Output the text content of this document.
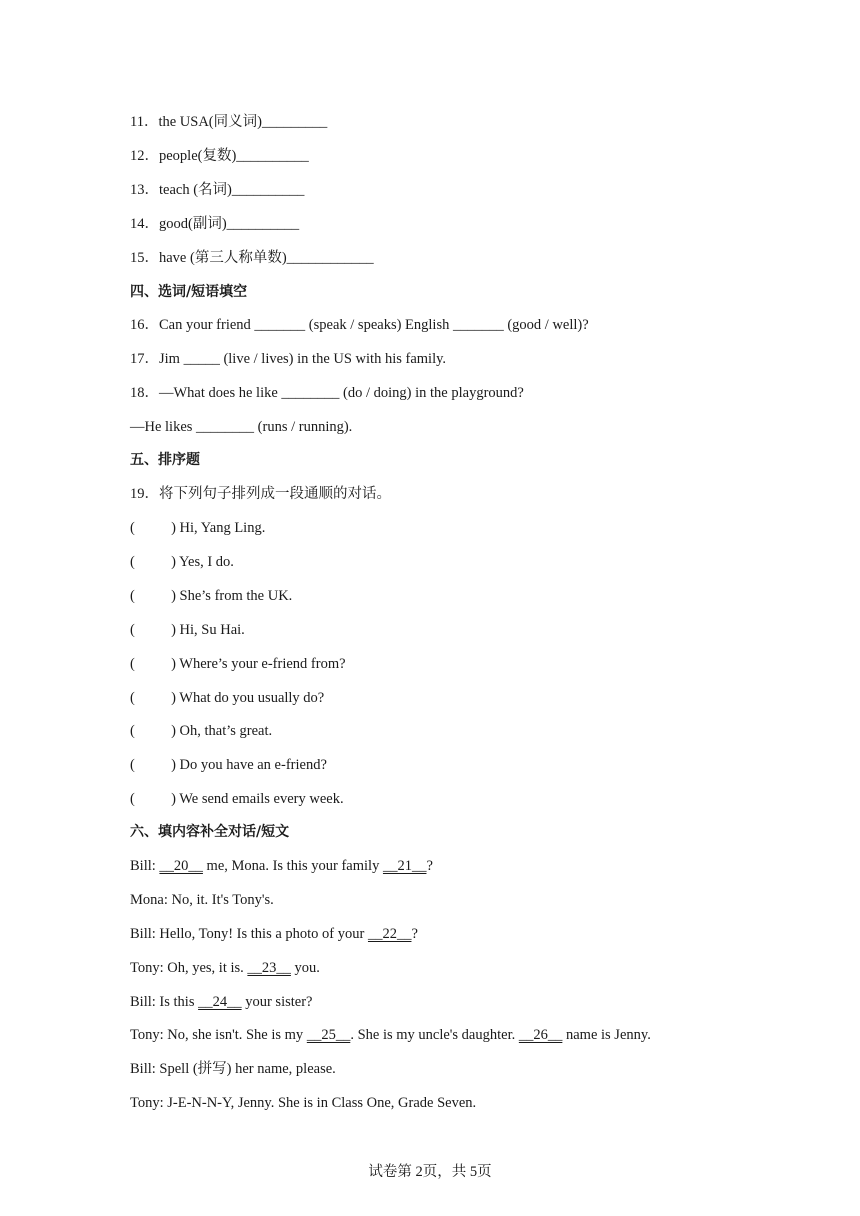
11．the USA(同义词)_________
12．people(复数)__________
13．teach (名词)__________
14．good(副词)__________
15．have (第三人称单数)____________
四、选词/短语填空
16．Can your friend _______ (speak / speaks) English _______ (good / well)?
17．Jim _____ (live / lives) in the US with his family.
18．—What does he like ________ (do / doing) in the playground?
—He likes ________ (runs / running).
五、排序题
19．将下列句子排列成一段通顺的对话。
(          ) Hi, Yang Ling.
(          ) Yes, I do.
(          ) She’s from the UK.
(          ) Hi, Su Hai.
(          ) Where’s your e-friend from?
(          ) What do you usually do?
(          ) Oh, that’s great.
(          ) Do you have an e-friend?
(          ) We send emails every week.
六、填内容补全对话/短文
Bill: __20__ me, Mona. Is this your family __21__?
Mona: No, it. It's Tony's.
Bill: Hello, Tony! Is this a photo of your __22__?
Tony: Oh, yes, it is. __23__ you.
Bill: Is this __24__ your sister?
Tony: No, she isn't. She is my __25__. She is my uncle's daughter. __26__ name is Jenny.
Bill: Spell (拼写) her name, please.
Tony: J-E-N-N-Y, Jenny. She is in Class One, Grade Seven.
试卷第 2页，共 5页
